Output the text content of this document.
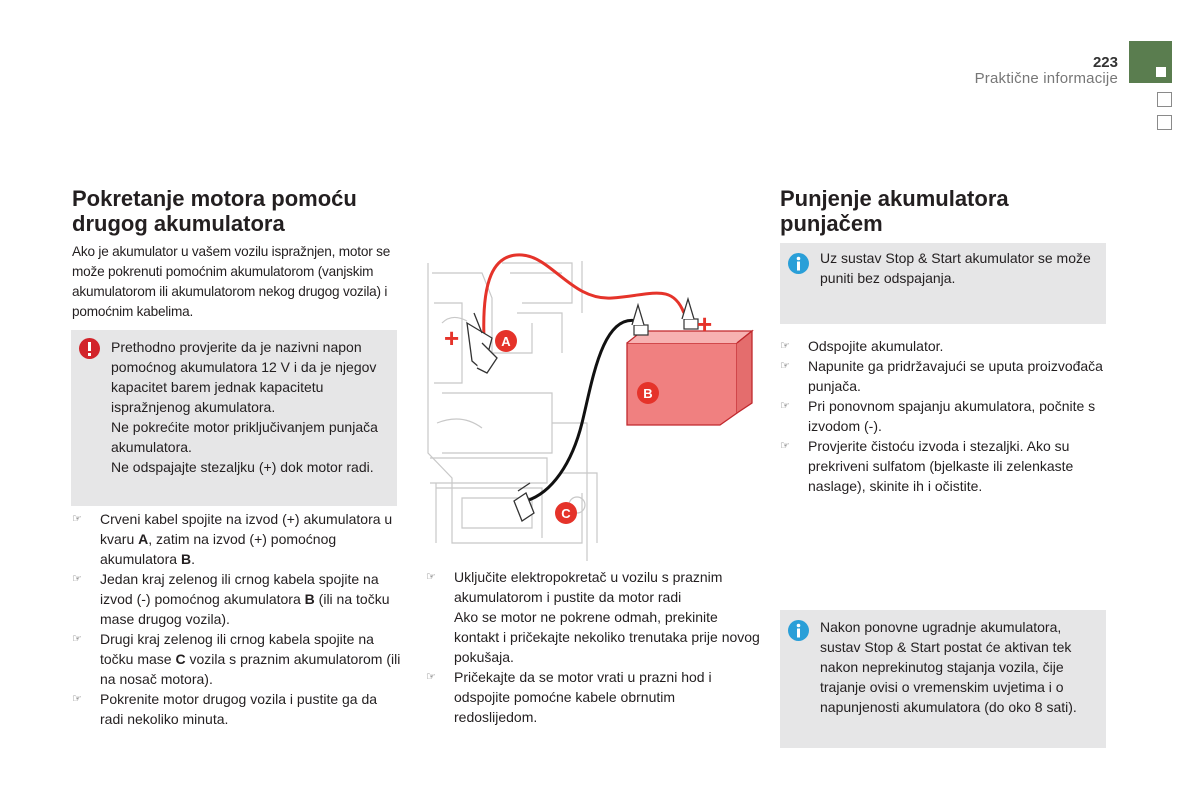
223
Praktične informacije
Pokretanje motora pomoću drugog akumulatora
Ako je akumulator u vašem vozilu ispražnjen, motor se može pokrenuti pomoćnim akumulatorom (vanjskim akumulatorom ili akumulatorom nekog drugog vozila) i pomoćnim kabelima.

Prethodno provjerite da je nazivni napon pomoćnog akumulatora 12 V i da je njegov kapacitet barem jednak kapacitetu ispražnjenog akumulatora.

Ne pokrećite motor priključivanjem punjača akumulatora.

Ne odspajajte stezaljku (+) dok motor radi.

☞ Crveni kabel spojite na izvod (+) akumulatora u kvaru A, zatim na izvod (+) pomoćnog akumulatora B.
☞ Jedan kraj zelenog ili crnog kabela spojite na izvod (-) pomoćnog akumulatora B (ili na točku mase drugog vozila).
☞ Drugi kraj zelenog ili crnog kabela spojite na točku mase C vozila s praznim akumulatorom (ili na nosač motora).
☞ Pokrenite motor drugog vozila i pustite ga da radi nekoliko minuta.
+	+
A
B
C
☞ Uključite elektropokretač u vozilu s praznim akumulatorom i pustite da motor radi

Ako se motor ne pokrene odmah, prekinite kontakt i pričekajte nekoliko trenutaka prije novog pokušaja.

☞ Pričekajte da se motor vrati u prazni hod i odspojite pomoćne kabele obrnutim redoslijedom.

Punjenje akumulatora punjačem
Uz sustav Stop & Start akumulator se može puniti bez odspajanja.
☞ Odspojite akumulator.
☞ Napunite ga pridržavajući se uputa proizvođača punjača.
☞ Pri ponovnom spajanju akumulatora, počnite s izvodom (-).
☞ Provjerite čistoću izvoda i stezaljki. Ako su prekriveni sulfatom (bjelkaste ili zelenkaste naslage), skinite ih i očistite.
Nakon ponovne ugradnje akumulatora, sustav Stop & Start postat će aktivan tek nakon neprekinutog stajanja vozila, čije trajanje ovisi o vremenskim uvjetima i o napunjenosti akumulatora (do oko 8 sati).
